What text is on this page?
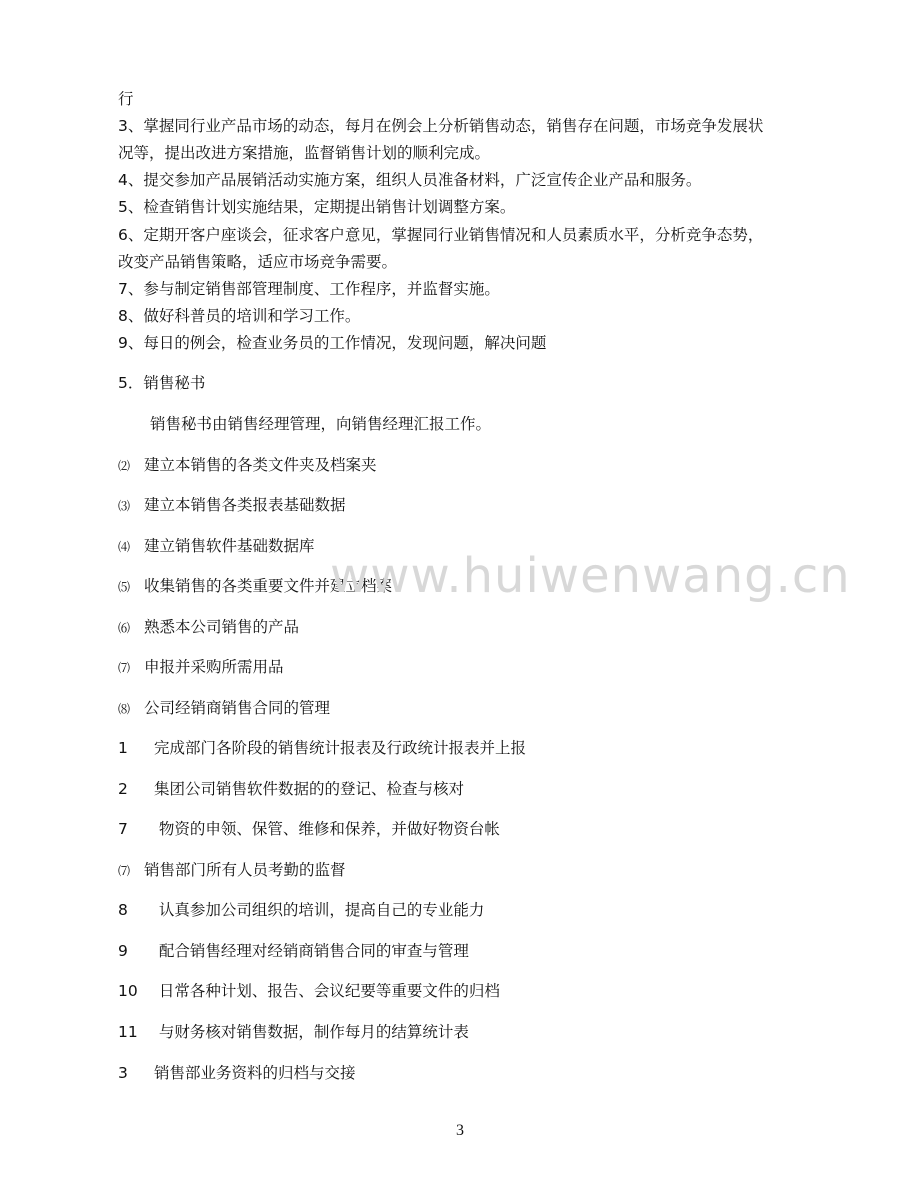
行
3、掌握同行业产品市场的动态，每月在例会上分析销售动态，销售存在问题，市场竞争发展状
况等，提出改进方案措施，监督销售计划的顺利完成。
4、提交参加产品展销活动实施方案，组织人员准备材料，广泛宣传企业产品和服务。
5、检查销售计划实施结果，定期提出销售计划调整方案。
6、定期开客户座谈会，征求客户意见，掌握同行业销售情况和人员素质水平，分析竞争态势，
改变产品销售策略，适应市场竞争需要。
7、参与制定销售部管理制度、工作程序，并监督实施。
8、做好科普员的培训和学习工作。
9、每日的例会，检查业务员的工作情况，发现问题，解决问题
5．销售秘书
销售秘书由销售经理管理，向销售经理汇报工作。
⑵ 建立本销售的各类文件夹及档案夹
⑶ 建立本销售各类报表基础数据
⑷ 建立销售软件基础数据库
⑸ 收集销售的各类重要文件并建立档案
⑹ 熟悉本公司销售的产品
⑺ 申报并采购所需用品
⑻ 公司经销商销售合同的管理
1 完成部门各阶段的销售统计报表及行政统计报表并上报
2 集团公司销售软件数据的的登记、检查与核对
7 物资的申领、保管、维修和保养，并做好物资台帐
⑺ 销售部门所有人员考勤的监督
8 认真参加公司组织的培训，提高自己的专业能力
9 配合销售经理对经销商销售合同的审查与管理
10 日常各种计划、报告、会议纪要等重要文件的归档
11 与财务核对销售数据，制作每月的结算统计表
3 销售部业务资料的归档与交接
www.huiwenwang.cn
3
